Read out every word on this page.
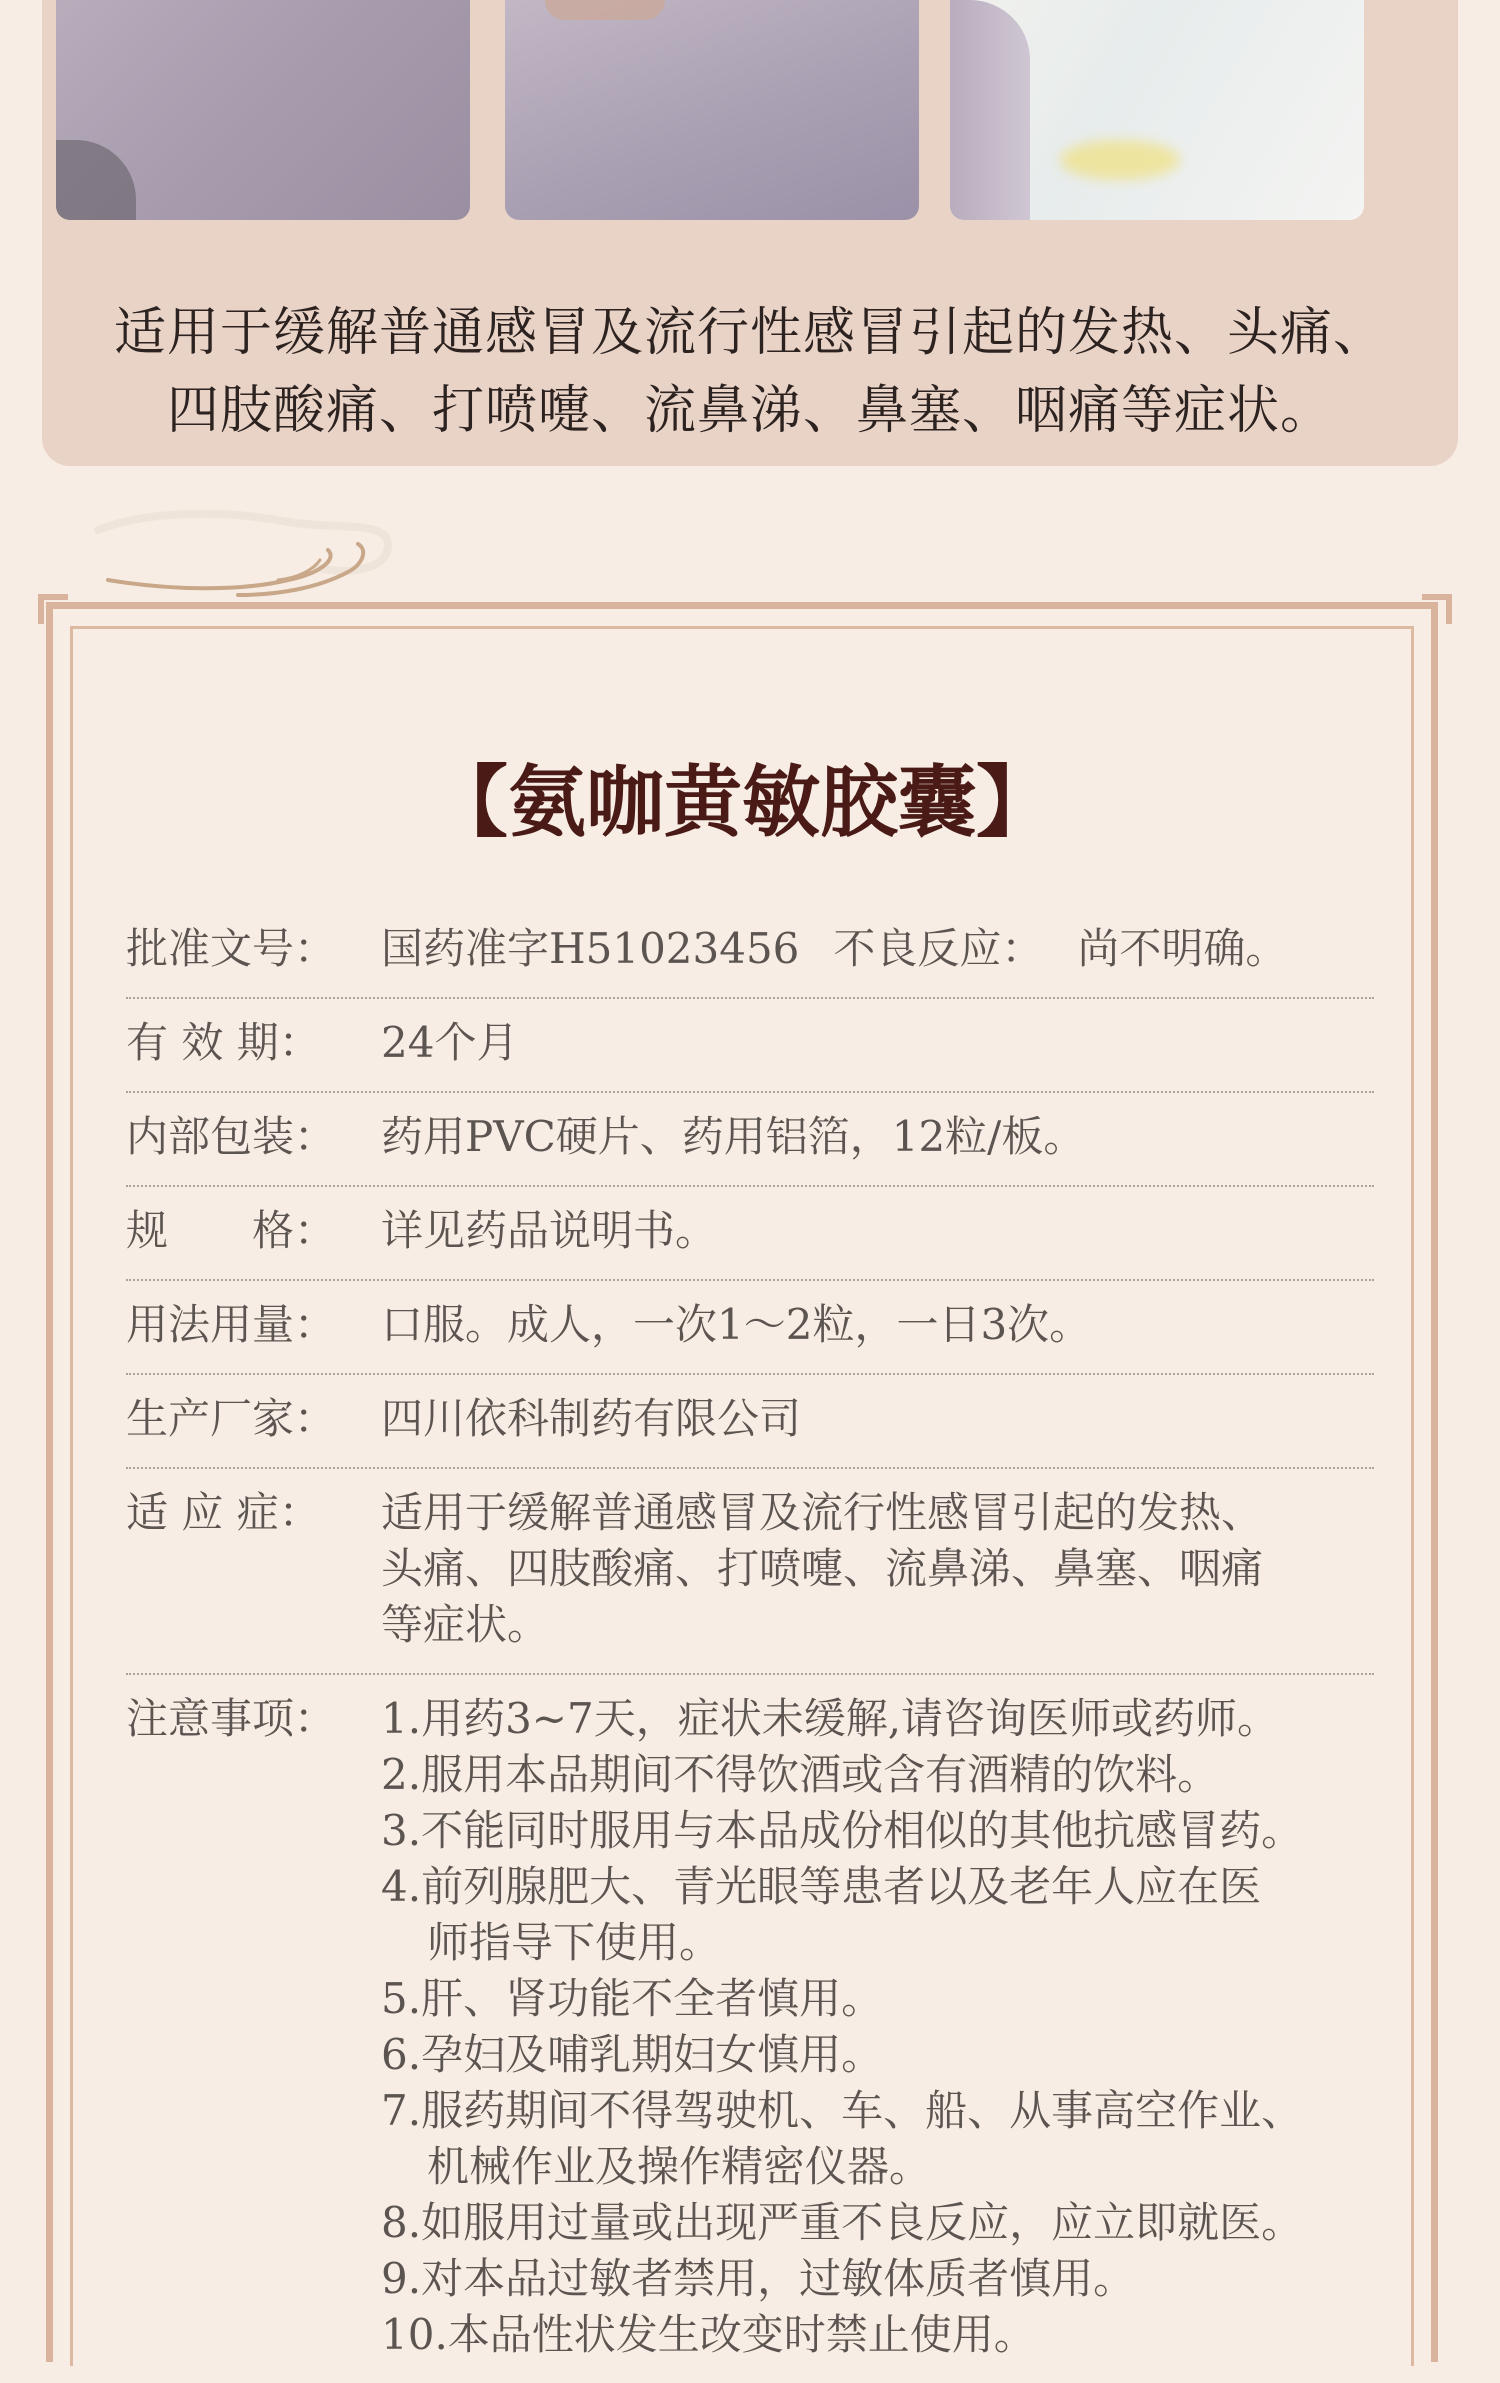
适用于缓解普通感冒及流行性感冒引起的发热、头痛、

四肢酸痛、打喷嚏、流鼻涕、鼻塞、咽痛等症状。

【氨咖黄敏胶囊】
批准文号：	国药准字H51023456 不良反应： 尚不明确。
有 效 期：	24个月
内部包装：	药用PVC硬片、药用铝箔，12粒/板。
规　　格：	详见药品说明书。
用法用量：	口服。成人，一次1～2粒，一日3次。
生产厂家：	四川依科制药有限公司
适 应 症：	适用于缓解普通感冒及流行性感冒引起的发热、

头痛、四肢酸痛、打喷嚏、流鼻涕、鼻塞、咽痛

等症状。

注意事项：	1.用药3~7天，症状未缓解,请咨询医师或药师。
2.服用本品期间不得饮酒或含有酒精的饮料。
3.不能同时服用与本品成份相似的其他抗感冒药。
4.前列腺肥大、青光眼等患者以及老年人应在医
师指导下使用。
5.肝、肾功能不全者慎用。
6.孕妇及哺乳期妇女慎用。
7.服药期间不得驾驶机、车、船、从事高空作业、
机械作业及操作精密仪器。
8.如服用过量或出现严重不良反应，应立即就医。
9.对本品过敏者禁用，过敏体质者慎用。
10.本品性状发生改变时禁止使用。
